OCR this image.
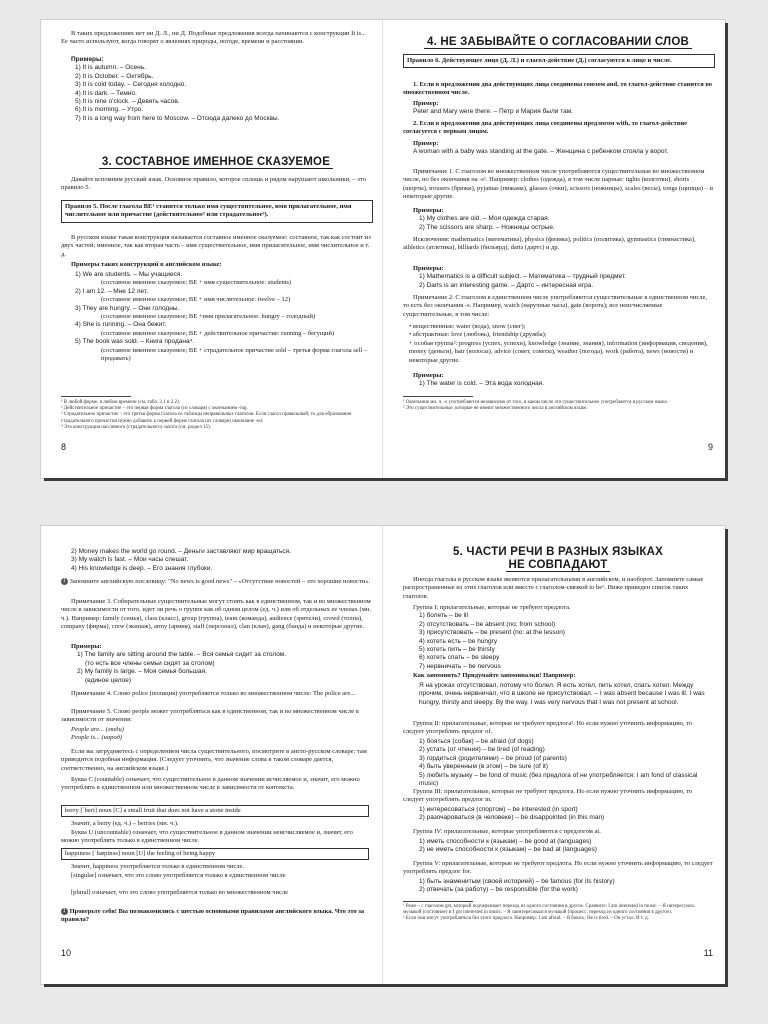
В таких предложениях нет ни Д. Л., ни Д. Подобные предложения всегда начинаются с конструкции It is... Ее часто используют, когда говорят о явлениях природы, погоде, времени и расстоянии.

Примеры:
1) It is autumn. – Осень.
2) It is October. – Октябрь.
3) It is cold today. – Сегодня холодно.
4) It is dark. – Темно.
5) It is nine o'clock. – Девять часов.
6) It is morning. – Утро.
7) It is a long way from here to Moscow. – Отсюда далеко до Москвы.
3. СОСТАВНОЕ ИМЕННОЕ СКАЗУЕМОЕ

Давайте вспомним русский язык. Основное правило, которое сплошь и рядом нарушают школьники, – это правило 5.

Правило 5. После глагола BE¹ ставится только имя существительное, имя прилагательное, имя числительное или причастие (действительное² или страдательное³).

В русском языке такая конструкция называется составное именное сказуемое: составное, так как состоит из двух частей; именное, так как вторая часть – имя существительное, имя прилагательное, имя числительное и т. д.

Примеры таких конструкций в английском языке:
1) We are students. – Мы учащиеся.
(составное именное сказуемое; BE + имя существительное: students)
2) I am 12. – Мне 12 лет.
(составное именное сказуемое; BE + имя числительное: twelve – 12)
3) They are hungry. – Они голодны.
(составное именное сказуемое; BE +имя прилагательное: hungry – голодный)
4) She is running. – Она бежит.
(составное именное сказуемое; BE + действительное причастие: running – бегущий)
5) The book was sold. – Книга продана⁴.
(составное именное сказуемое; BE + страдательное причастие sold – третья форма глагола sell – продавать)
¹ В любой форме, в любом времени (см. табл. 2.1 и 2.2).
² Действительное причастие – это первая форма глагола (из словаря) с окончанием -ing.
³ Страдательное причастие – это третья форма глагола из таблицы неправильных глаголов. Если глагол правильный, то для образования страдательного причастия нужно добавить к первой форме глагола (из словаря) окончание -ed.
⁴ Это конструкция пассивного (страдательного) залога (см. раздел 15).
8
4. НЕ ЗАБЫВАЙТЕ О СОГЛАСОВАНИИ СЛОВ
Правило 6. Действующее лицо (Д. Л.) и глагол-действие (Д.) согласуются в лице и числе.

1. Если в предложении два действующих лица соединены союзом and, то глагол-действие ставится во множественном числе.

Пример:
Peter and Mary were there. – Петр и Мария были там.

2. Если в предложении два действующих лица соединены предлогом with, то глагол-действие согласуется с первым лицом.

Пример:
A woman with a baby was standing at the gate. – Женщина с ребенком стояла у ворот.

Примечание 1. С глаголом во множественном числе употребляются существительные во множественном числе, но без окончания на -s¹. Например: clothes (одежда), в том числе парные: tights (колготки), shorts (шорты), trousers (брюки), pyjamas (пижама), glasses (очки), scissors (ножницы), scales (весы), tongs (щипцы) – и некоторые другие.

Примеры:
1) My clothes are old. – Моя одежда старая.
2) The scissors are sharp. – Ножницы острые.

Исключения: mathematics (математика), physics (физика), politics (политика), gymnastics (гимнастика), athletics (атлетика), billiards (бильярд), darts (дартс) и др.

Примеры:
1) Mathematics is a difficult subject. – Математика – трудный предмет.
2) Darts is an interesting game. – Дартс – интересная игра.

Примечание 2. С глаголом в единственном числе употребляются существительные в единственном числе, то есть без окончания -s. Например, watch (наручные часы), gate (ворота); все неисчисляемые существительные, в том числе:

• вещественные: water (вода), snow (снег);
• абстрактные: love (любовь), friendship (дружба);
+ особая группа²: progress (успех, успехи), knowledge (знание, знания), information (информация, сведения), money (деньги), hair (волосы), advice (совет, советы), weather (погода), work (работа), news (новости) и некоторые другие.
Примеры:
1) The water is cold. – Эта вода холодная.
¹ Окончание мн. ч. -s употребляется независимо от того, в каком числе это существительное употребляется в русском языке.
² Это существительные, которые не имеют множественного числа в английском языке.
9
2) Money makes the world go round. – Деньги заставляют мир вращаться.
3) My watch is fast. – Мои часы спешат.
4) His knowledge is deep. – Его знания глубоки.
! Запомните английскую пословицу: "No news is good news" – «Отсутствие новостей – это хорошие новости».

Примечание 3. Собирательные существительные могут стоять как в единственном, так и во множественном числе в зависимости от того, идет ли речь о группе как об одном целом (ед. ч.) или об отдельных ее членах (мн. ч.). Например: family (семья), class (класс), group (группа), team (команда), audience (зрители), crowd (толпа), company (фирма), crew (экипаж), army (армия), staff (персонал), clan (клан), gang (банда) и некоторые другие.

Примеры:
1) The family are sitting around the table. – Вся семья сидит за столом.
(то есть все члены семьи сидят за столом)
2) My family is large. – Моя семья большая.
(единое целое)

Примечание 4. Слово police (полиция) употребляется только во множественном числе: The police are...

Примечание 5. Слово people может употребляться как в единственном, так и во множественном числе в зависимости от значения:

People are... (люди)
People is... (народ)

Если вы затрудняетесь с определением числа существительного, посмотрите в англо-русском словаре: там приводится подобная информация. (Следует уточнить, что значение слова в таком словаре дается, соответственно, на английском языке.)

Буква C (countable) означает, что существительное в данном значении исчисляемое и, значит, его можно употреблять в единственном или множественном числе в зависимости от контекста.

berry [ˈberi] noun [C] a small fruit that does not have a stone inside

Значит, a berry (ед. ч.) – berries (мн. ч.).

Буква U (uncountable) означает, что существительное в данном значении неисчисляемое и, значит, его можно употреблять только в единственном числе.

happiness [ˈhæpinəs] noun [U] the feeling of being happy

Значит, happiness употребляется только в единственном числе.

[singular] означает, что это слово употребляется только в единственном числе

[plural] означает, что это слово употребляется только во множественном числе

! Проверьте себя! Вы познакомились с шестью основными правилами английского языка. Что это за правила?
10
5. ЧАСТИ РЕЧИ В РАЗНЫХ ЯЗЫКАХ
НЕ СОВПАДАЮТ

Иногда глаголы в русском языке являются прилагательными в английском, и наоборот. Запомните самые распространенные из этих глаголов или вместе с глаголом-связкой to be¹. Ниже приведен список таких глаголов.

Группа I: прилагательные, которые не требуют предлога.
1) болеть – be ill
2) отсутствовать – be absent (no: from school)
3) присутствовать – be present (no: at the lesson)
4) хотеть есть – be hungry
5) хотеть пить – be thirsty
6) хотеть спать – be sleepy
7) нервничать – be nervous
Как запомнить? Придумайте запоминалки! Например:
Я на уроках отсутствовал, потому что болел. Я есть хотел, пить хотел, спать хотел. Между прочим, очень нервничал, что в школе не присутствовал. – I was absent because I was ill. I was hungry, thirsty and sleepy. By the way, I was very nervous that I was not present at school.

Группа II: прилагательные, которые не требуют предлога². Но если нужно уточнить информацию, то следует употреблять предлог of.

1) бояться (собак) – be afraid (of dogs)
2) устать (от чтения) – be tired (of reading)
3) гордиться (родителями) – be proud (of parents)
4) быть уверенным (в этом) – be sure (of it)
5) любить музыку – be fond of music (без предлога of не употребляется: I am fond of classical music)

Группа III: прилагательные, которые не требуют предлога. Но если нужно уточнить информацию, то следует употреблять предлог in.

1) интересоваться (спортом) – be interested (in sport)
2) разочароваться (в человеке) – be disappointed (in this man)

Группа IV: прилагательные, которые употребляются с предлогом at.

1) иметь способности к (языкам) – be good at (languages)
2) не иметь способности к (языкам) – be bad at (languages)

Группа V: прилагательные, которые не требуют предлога. Но если нужно уточнить информацию, то следует употреблять предлог for.

1) быть знаменитым (своей историей) – be famous (for its history)
2) отвечать (за работу) – be responsible (for the work)
¹ Реже – с глаголом get, который подчеркивает переход из одного состояния в другое. Сравните: I am interested in music. – Я интересуюсь музыкой (состояние) и I got interested in music. – Я заинтересовался музыкой (процесс, переход из одного состояния в другое).
² Если они могут употребляться без этого предлога. Например: I am afraid. – Я боюсь; He is tired. – Он устал. И т. д.
11
